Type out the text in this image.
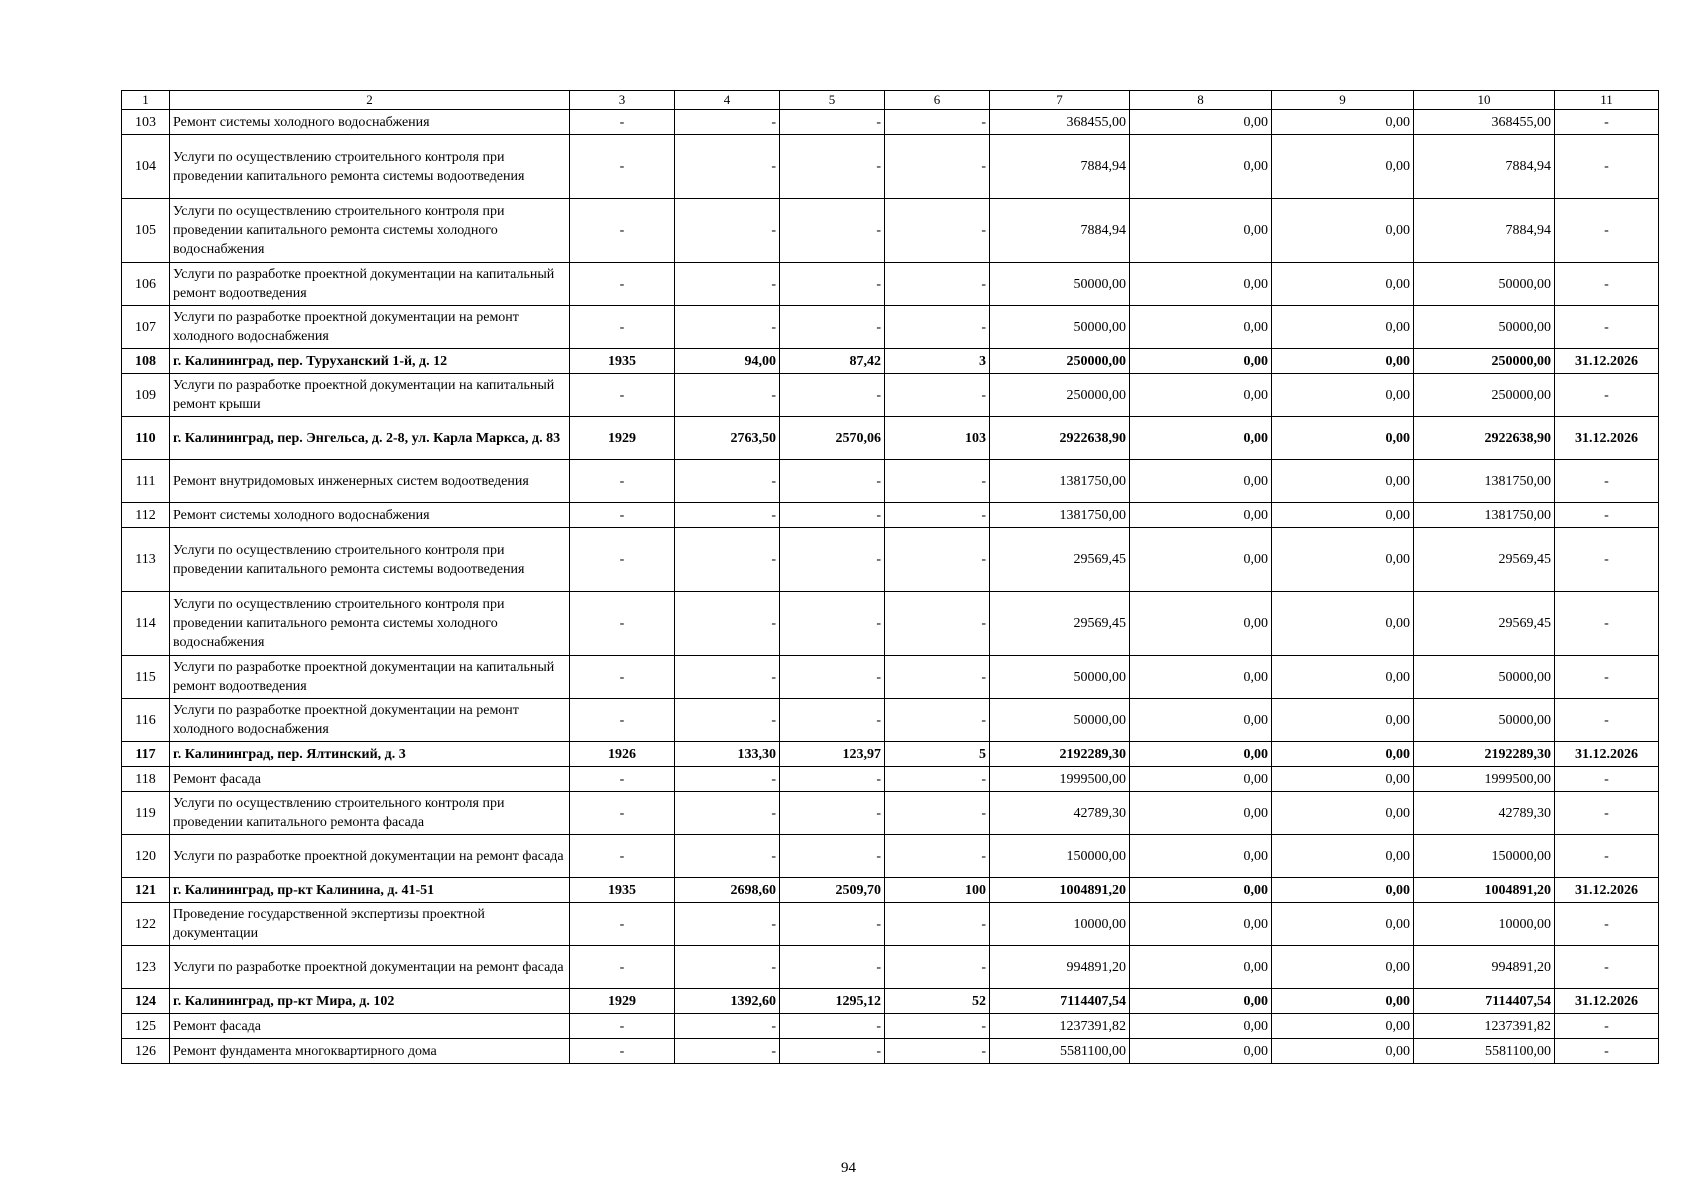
1	2	3	4	5	6	7	8	9	10	11
103	Ремонт системы холодного водоснабжения	-	-	-	-	368455,00	0,00	0,00	368455,00	-
104	Услуги по осуществлению строительного контроля при проведении капитального ремонта системы водоотведения	-	-	-	-	7884,94	0,00	0,00	7884,94	-
105	Услуги по осуществлению строительного контроля при проведении капитального ремонта системы холодного водоснабжения	-	-	-	-	7884,94	0,00	0,00	7884,94	-
106	Услуги по разработке проектной документации на капитальный ремонт водоотведения	-	-	-	-	50000,00	0,00	0,00	50000,00	-
107	Услуги по разработке проектной документации на ремонт холодного водоснабжения	-	-	-	-	50000,00	0,00	0,00	50000,00	-
108	г. Калининград, пер. Туруханский 1-й, д. 12	1935	94,00	87,42	3	250000,00	0,00	0,00	250000,00	31.12.2026
109	Услуги по разработке проектной документации на капитальный ремонт крыши	-	-	-	-	250000,00	0,00	0,00	250000,00	-
110	г. Калининград, пер. Энгельса, д. 2-8, ул. Карла Маркса, д. 83	1929	2763,50	2570,06	103	2922638,90	0,00	0,00	2922638,90	31.12.2026
111	Ремонт внутридомовых инженерных систем водоотведения	-	-	-	-	1381750,00	0,00	0,00	1381750,00	-
112	Ремонт системы холодного водоснабжения	-	-	-	-	1381750,00	0,00	0,00	1381750,00	-
113	Услуги по осуществлению строительного контроля при проведении капитального ремонта системы водоотведения	-	-	-	-	29569,45	0,00	0,00	29569,45	-
114	Услуги по осуществлению строительного контроля при проведении капитального ремонта системы холодного водоснабжения	-	-	-	-	29569,45	0,00	0,00	29569,45	-
115	Услуги по разработке проектной документации на капитальный ремонт водоотведения	-	-	-	-	50000,00	0,00	0,00	50000,00	-
116	Услуги по разработке проектной документации на ремонт холодного водоснабжения	-	-	-	-	50000,00	0,00	0,00	50000,00	-
117	г. Калининград, пер. Ялтинский, д. 3	1926	133,30	123,97	5	2192289,30	0,00	0,00	2192289,30	31.12.2026
118	Ремонт фасада	-	-	-	-	1999500,00	0,00	0,00	1999500,00	-
119	Услуги по осуществлению строительного контроля при проведении капитального ремонта фасада	-	-	-	-	42789,30	0,00	0,00	42789,30	-
120	Услуги по разработке проектной документации на ремонт фасада	-	-	-	-	150000,00	0,00	0,00	150000,00	-
121	г. Калининград, пр-кт Калинина, д. 41-51	1935	2698,60	2509,70	100	1004891,20	0,00	0,00	1004891,20	31.12.2026
122	Проведение государственной экспертизы проектной документации	-	-	-	-	10000,00	0,00	0,00	10000,00	-
123	Услуги по разработке проектной документации на ремонт фасада	-	-	-	-	994891,20	0,00	0,00	994891,20	-
124	г. Калининград, пр-кт Мира, д. 102	1929	1392,60	1295,12	52	7114407,54	0,00	0,00	7114407,54	31.12.2026
125	Ремонт фасада	-	-	-	-	1237391,82	0,00	0,00	1237391,82	-
126	Ремонт фундамента многоквартирного дома	-	-	-	-	5581100,00	0,00	0,00	5581100,00	-
94
